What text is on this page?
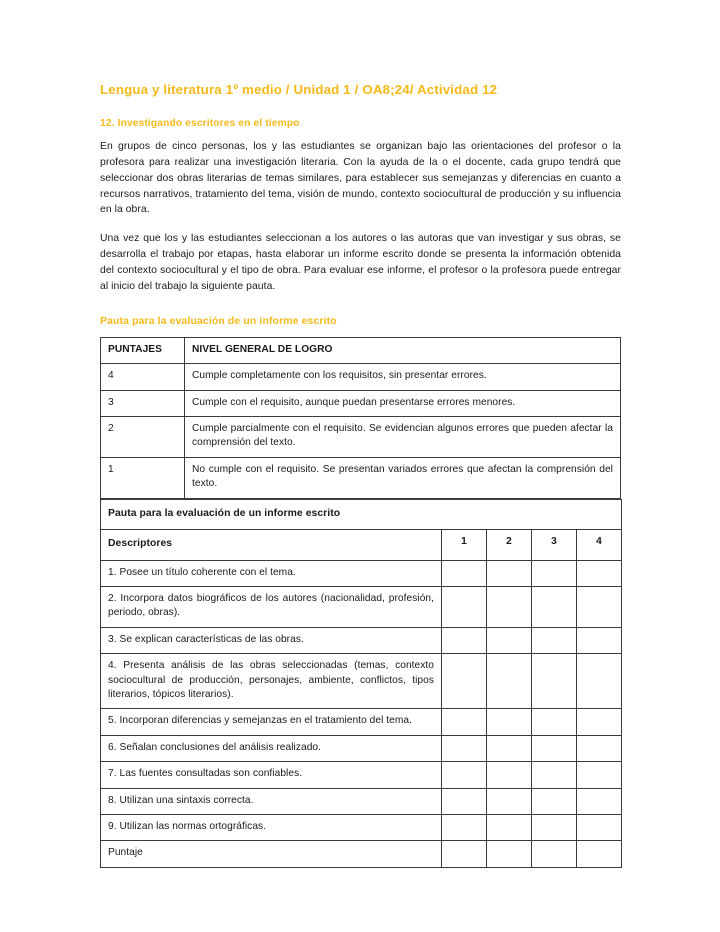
Lengua y literatura 1º medio / Unidad 1 / OA8;24/ Actividad 12
12. Investigando escritores en el tiempo

En grupos de cinco personas, los y las estudiantes se organizan bajo las orientaciones del profesor o la profesora para realizar una investigación literaria. Con la ayuda de la o el docente, cada grupo tendrá que seleccionar dos obras literarias de temas similares, para establecer sus semejanzas y diferencias en cuanto a recursos narrativos, tratamiento del tema, visión de mundo, contexto sociocultural de producción y su influencia en la obra.

Una vez que los y las estudiantes seleccionan a los autores o las autoras que van investigar y sus obras, se desarrolla el trabajo por etapas, hasta elaborar un informe escrito donde se presenta la información obtenida del contexto sociocultural y el tipo de obra. Para evaluar ese informe, el profesor o la profesora puede entregar al inicio del trabajo la siguiente pauta.

Pauta para la evaluación de un informe escrito
PUNTAJES	NIVEL GENERAL DE LOGRO
4	Cumple completamente con los requisitos, sin presentar errores.
3	Cumple con el requisito, aunque puedan presentarse errores menores.
2	Cumple parcialmente con el requisito. Se evidencian algunos errores que pueden afectar la comprensión del texto.
1	No cumple con el requisito. Se presentan variados errores que afectan la comprensión del texto.
Pauta para la evaluación de un informe escrito				
Descriptores	1	2	3	4
1. Posee un título coherente con el tema.				
2. Incorpora datos biográficos de los autores (nacionalidad, profesión, periodo, obras).				
3. Se explican características de las obras.				
4. Presenta análisis de las obras seleccionadas (temas, contexto sociocultural de producción, personajes, ambiente, conflictos, tipos literarios, tópicos literarios).				
5. Incorporan diferencias y semejanzas en el tratamiento del tema.				
6. Señalan conclusiones del análisis realizado.				
7. Las fuentes consultadas son confiables.				
8. Utilizan una sintaxis correcta.				
9. Utilizan las normas ortográficas.				
Puntaje				
